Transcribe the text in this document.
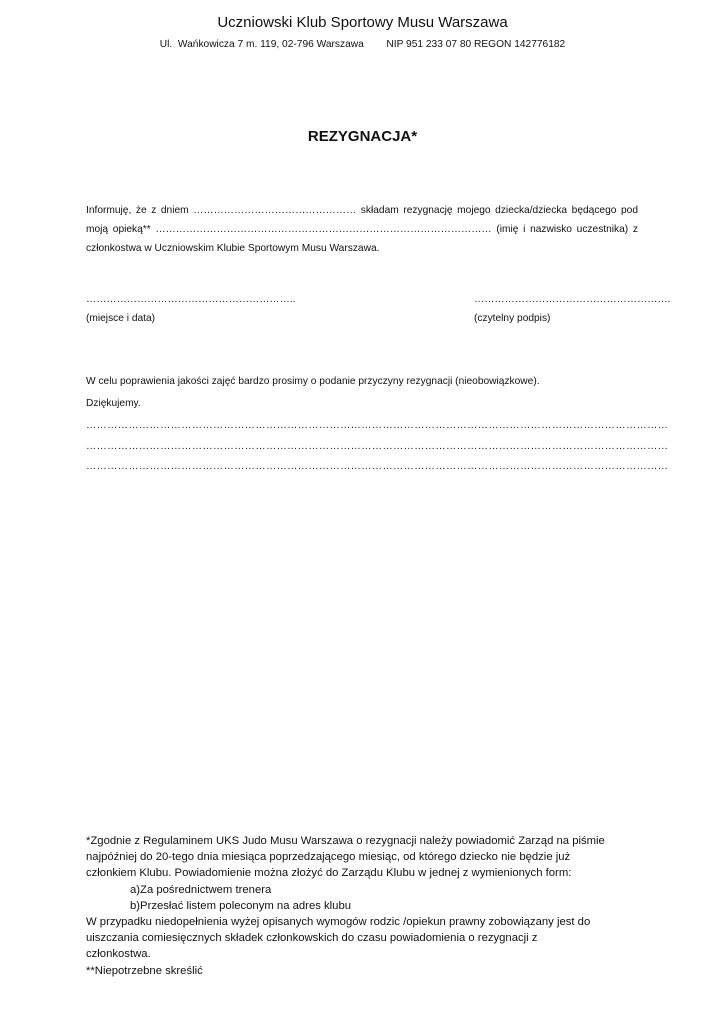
Uczniowski Klub Sportowy Musu Warszawa
Ul.  Wańkowicza 7 m. 119, 02-796 Warszawa        NIP 951 233 07 80 REGON 142776182
REZYGNACJA*
Informuję, że z dniem ………………………………………… składam rezygnację mojego dziecka/dziecka będącego pod
moją opieką** ……………………………………………………………………………………… (imię i nazwisko uczestnika) z
członkostwa w Uczniowskim Klubie Sportowym Musu Warszawa.
……………………………………………………..
(miejsce i data)
………………………………………………….
(czytelny podpis)
W celu poprawienia jakości zajęć bardzo prosimy o podanie przyczyny rezygnacji (nieobowiązkowe).
Dziękujemy.
…………………………………………………………………………………………………………………………………………………
…………………………………………………………………………………………………………………………………………………
…………………………………………………………………………………………………………………………………………………
*Zgodnie z Regulaminem UKS Judo Musu Warszawa o rezygnacji należy powiadomić Zarząd na piśmie
najpóźniej do 20-tego dnia miesiąca poprzedzającego miesiąc, od którego dziecko nie będzie już
członkiem Klubu. Powiadomienie można złożyć do Zarządu Klubu w jednej z wymienionych form:
a)Za pośrednictwem trenera
b)Przesłać listem poleconym na adres klubu
W przypadku niedopełnienia wyżej opisanych wymogów rodzic /opiekun prawny zobowiązany jest do
uiszczania comiesięcznych składek członkowskich do czasu powiadomienia o rezygnacji z
członkostwa.
**Niepotrzebne skreślić
